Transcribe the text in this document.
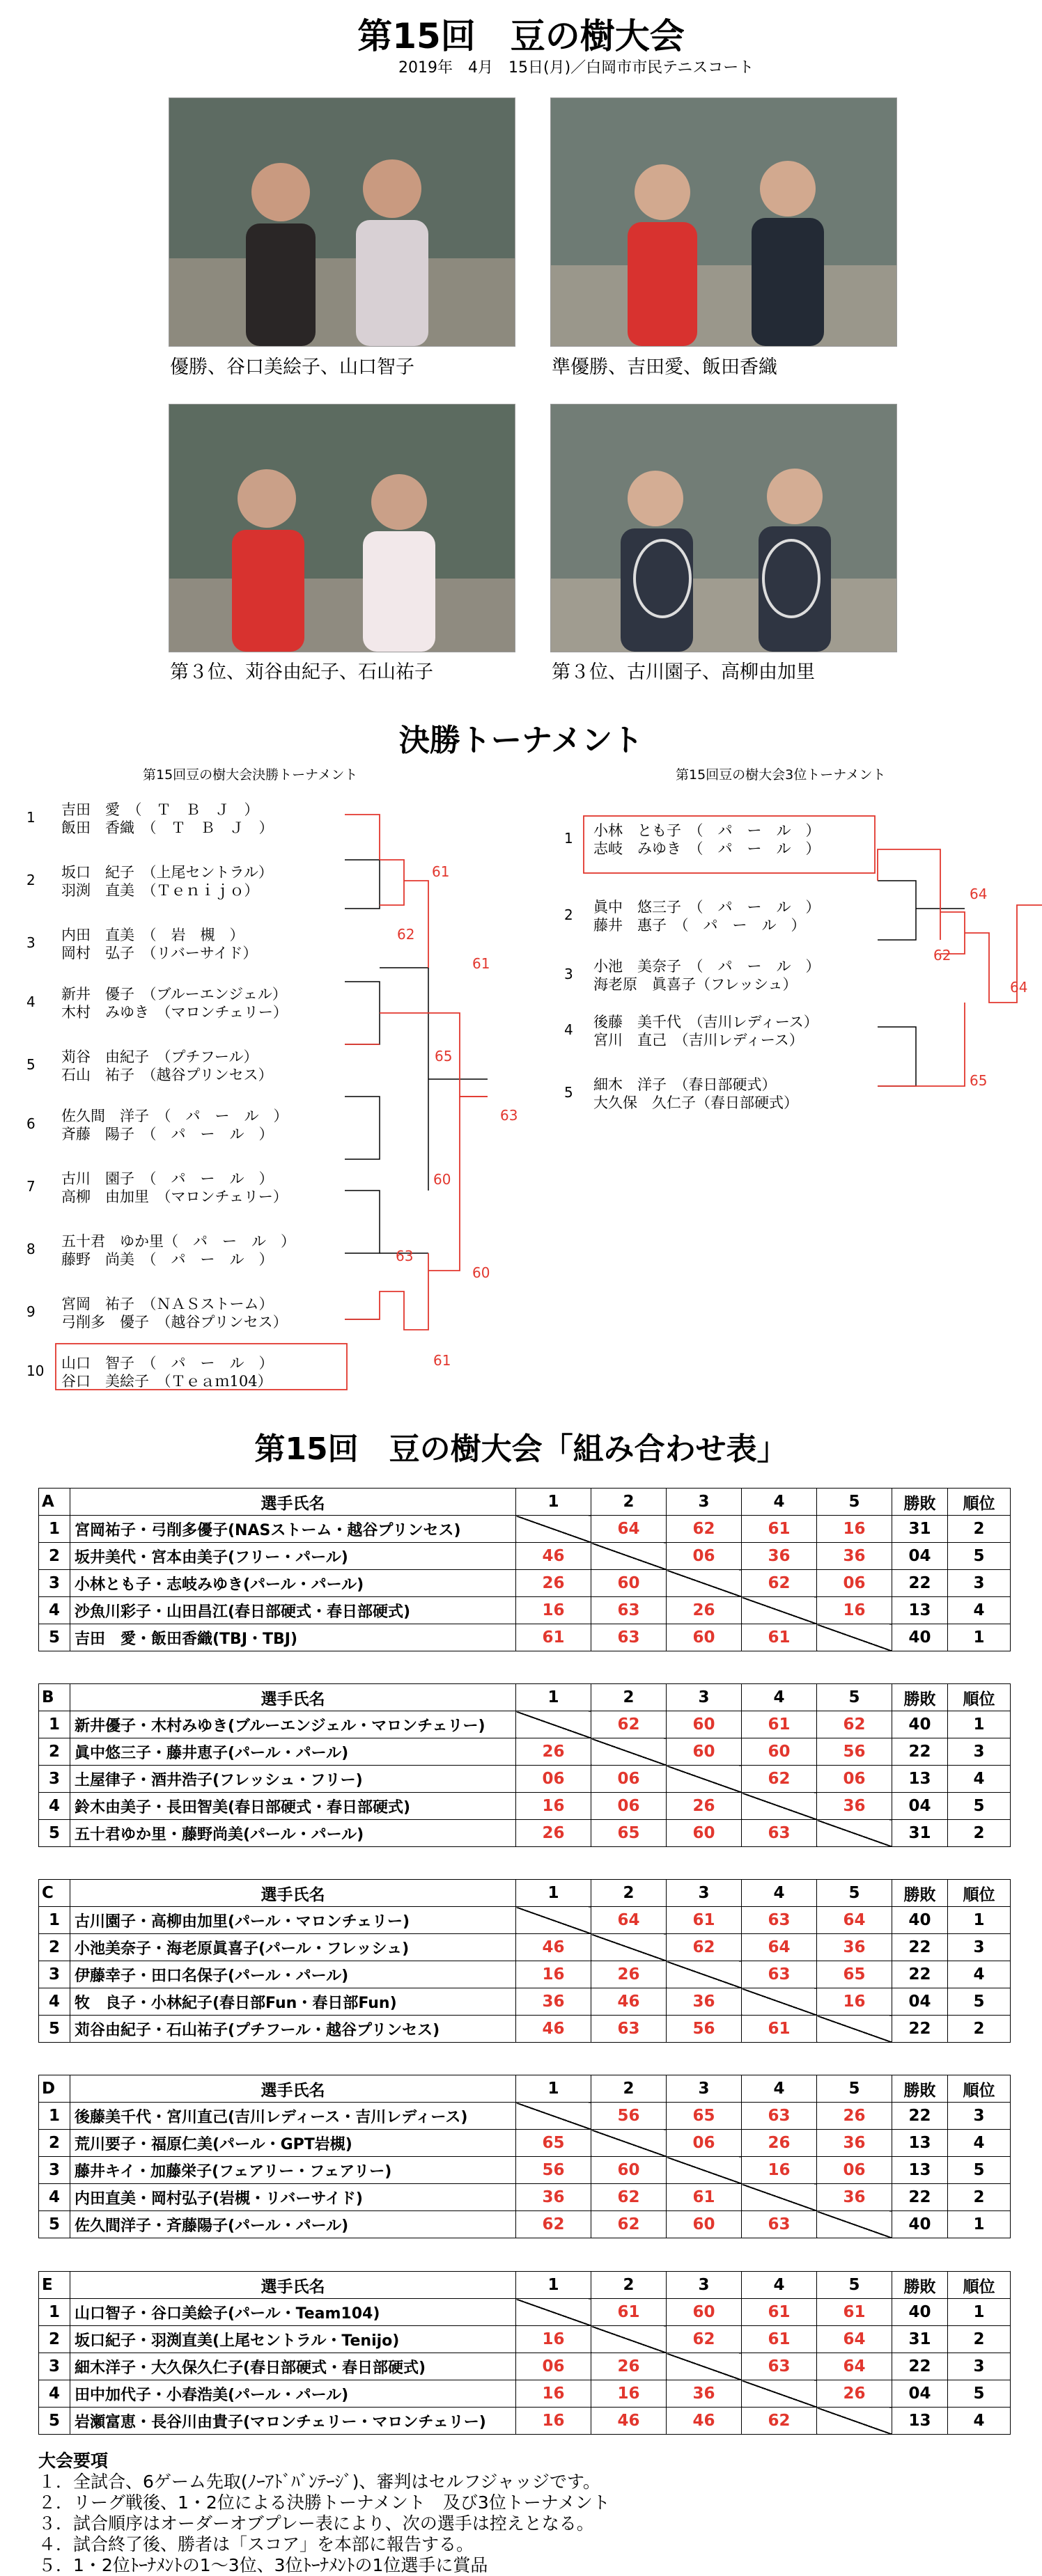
第15回　豆の樹大会
2019年　4月　15日(月)／白岡市市民テニスコート
優勝、谷口美絵子、山口智子	準優勝、吉田愛、飯田香織
第３位、苅谷由紀子、石山祐子	第３位、古川園子、高柳由加里
決勝トーナメント
第15回豆の樹大会決勝トーナメント	第15回豆の樹大会3位トーナメント
1 吉田　愛　（　Ｔ　Ｂ　Ｊ　）
飯田　香織　（　Ｔ　Ｂ　Ｊ　）
2 坂口　紀子　（上尾セントラル）
羽渕　直美　（Ｔｅｎｉｊｏ）
3 内田　直美　（　岩　槻　）
岡村　弘子　（リバーサイド）
4 新井　優子　（ブルーエンジェル）
木村　みゆき　（マロンチェリー）
5 苅谷　由紀子　（プチフール）
石山　祐子　（越谷プリンセス）
6 佐久間　洋子　（　パ　ー　ル　）
斉藤　陽子　（　パ　ー　ル　）
7 古川　園子　（　パ　ー　ル　）
高柳　由加里　（マロンチェリー）
8 五十君　ゆか里（　パ　ー　ル　）
藤野　尚美　（　パ　ー　ル　）
9 宮岡　祐子　（ＮＡＳストーム）
弓削多　優子　（越谷プリンセス）
10 山口　智子　（　パ　ー　ル　）
谷口　美絵子　（Ｔｅａｍ104）
1 小林　とも子　（　パ　ー　ル　）
志岐　みゆき　（　パ　ー　ル　）
2 眞中　悠三子　（　パ　ー　ル　）
藤井　惠子　（　パ　ー　ル　）
3 小池　美奈子　（　パ　ー　ル　）
海老原　眞喜子（フレッシュ）
4 後藤　美千代　（吉川レディース）
宮川　直己　（吉川レディース）
5 細木　洋子　（春日部硬式）
大久保　久仁子（春日部硬式）
61
62
61
65
63
60
60
63
61
64
62
64
65
第15回　豆の樹大会「組み合わせ表」
A	選手氏名	1	2	3	4	5	勝敗	順位
1	宮岡祐子・弓削多優子(NASストーム・越谷プリンセス)		64	62	61	16	31	2
2	坂井美代・宮本由美子(フリー・パール)	46		06	36	36	04	5
3	小林とも子・志岐みゆき(パール・パール)	26	60		62	06	22	3
4	沙魚川彩子・山田昌江(春日部硬式・春日部硬式)	16	63	26		16	13	4
5	吉田　愛・飯田香織(TBJ・TBJ)	61	63	60	61		40	1
B	選手氏名	1	2	3	4	5	勝敗	順位
1	新井優子・木村みゆき(ブルーエンジェル・マロンチェリー)		62	60	61	62	40	1
2	眞中悠三子・藤井恵子(パール・パール)	26		60	60	56	22	3
3	土屋律子・酒井浩子(フレッシュ・フリー)	06	06		62	06	13	4
4	鈴木由美子・長田智美(春日部硬式・春日部硬式)	16	06	26		36	04	5
5	五十君ゆか里・藤野尚美(パール・パール)	26	65	60	63		31	2
C	選手氏名	1	2	3	4	5	勝敗	順位
1	古川園子・高柳由加里(パール・マロンチェリー)		64	61	63	64	40	1
2	小池美奈子・海老原眞喜子(パール・フレッシュ)	46		62	64	36	22	3
3	伊藤幸子・田口名保子(パール・パール)	16	26		63	65	22	4
4	牧　良子・小林紀子(春日部Fun・春日部Fun)	36	46	36		16	04	5
5	苅谷由紀子・石山祐子(プチフール・越谷プリンセス)	46	63	56	61		22	2
D	選手氏名	1	2	3	4	5	勝敗	順位
1	後藤美千代・宮川直己(吉川レディース・吉川レディース)		56	65	63	26	22	3
2	荒川要子・福原仁美(パール・GPT岩槻)	65		06	26	36	13	4
3	藤井キイ・加藤栄子(フェアリー・フェアリー)	56	60		16	06	13	5
4	内田直美・岡村弘子(岩槻・リバーサイド)	36	62	61		36	22	2
5	佐久間洋子・斉藤陽子(パール・パール)	62	62	60	63		40	1
E	選手氏名	1	2	3	4	5	勝敗	順位
1	山口智子・谷口美絵子(パール・Team104)		61	60	61	61	40	1
2	坂口紀子・羽渕直美(上尾セントラル・Tenijo)	16		62	61	64	31	2
3	細木洋子・大久保久仁子(春日部硬式・春日部硬式)	06	26		63	64	22	3
4	田中加代子・小春浩美(パール・パール)	16	16	36		26	04	5
5	岩瀬富恵・長谷川由貴子(マロンチェリー・マロンチェリー)	16	46	46	62		13	4
大会要項
１．全試合、6ゲーム先取(ﾉｰｱﾄﾞﾊﾞﾝﾃｰｼﾞ)、審判はセルフジャッジです。
２．リーグ戦後、1・2位による決勝トーナメント　及び3位トーナメント
３．試合順序はオーダーオブプレー表により、次の選手は控えとなる。
４．試合終了後、勝者は「スコア」を本部に報告する。
５．1・2位ﾄｰﾅﾒﾝﾄの1～3位、3位ﾄｰﾅﾒﾝﾄの1位選手に賞品
